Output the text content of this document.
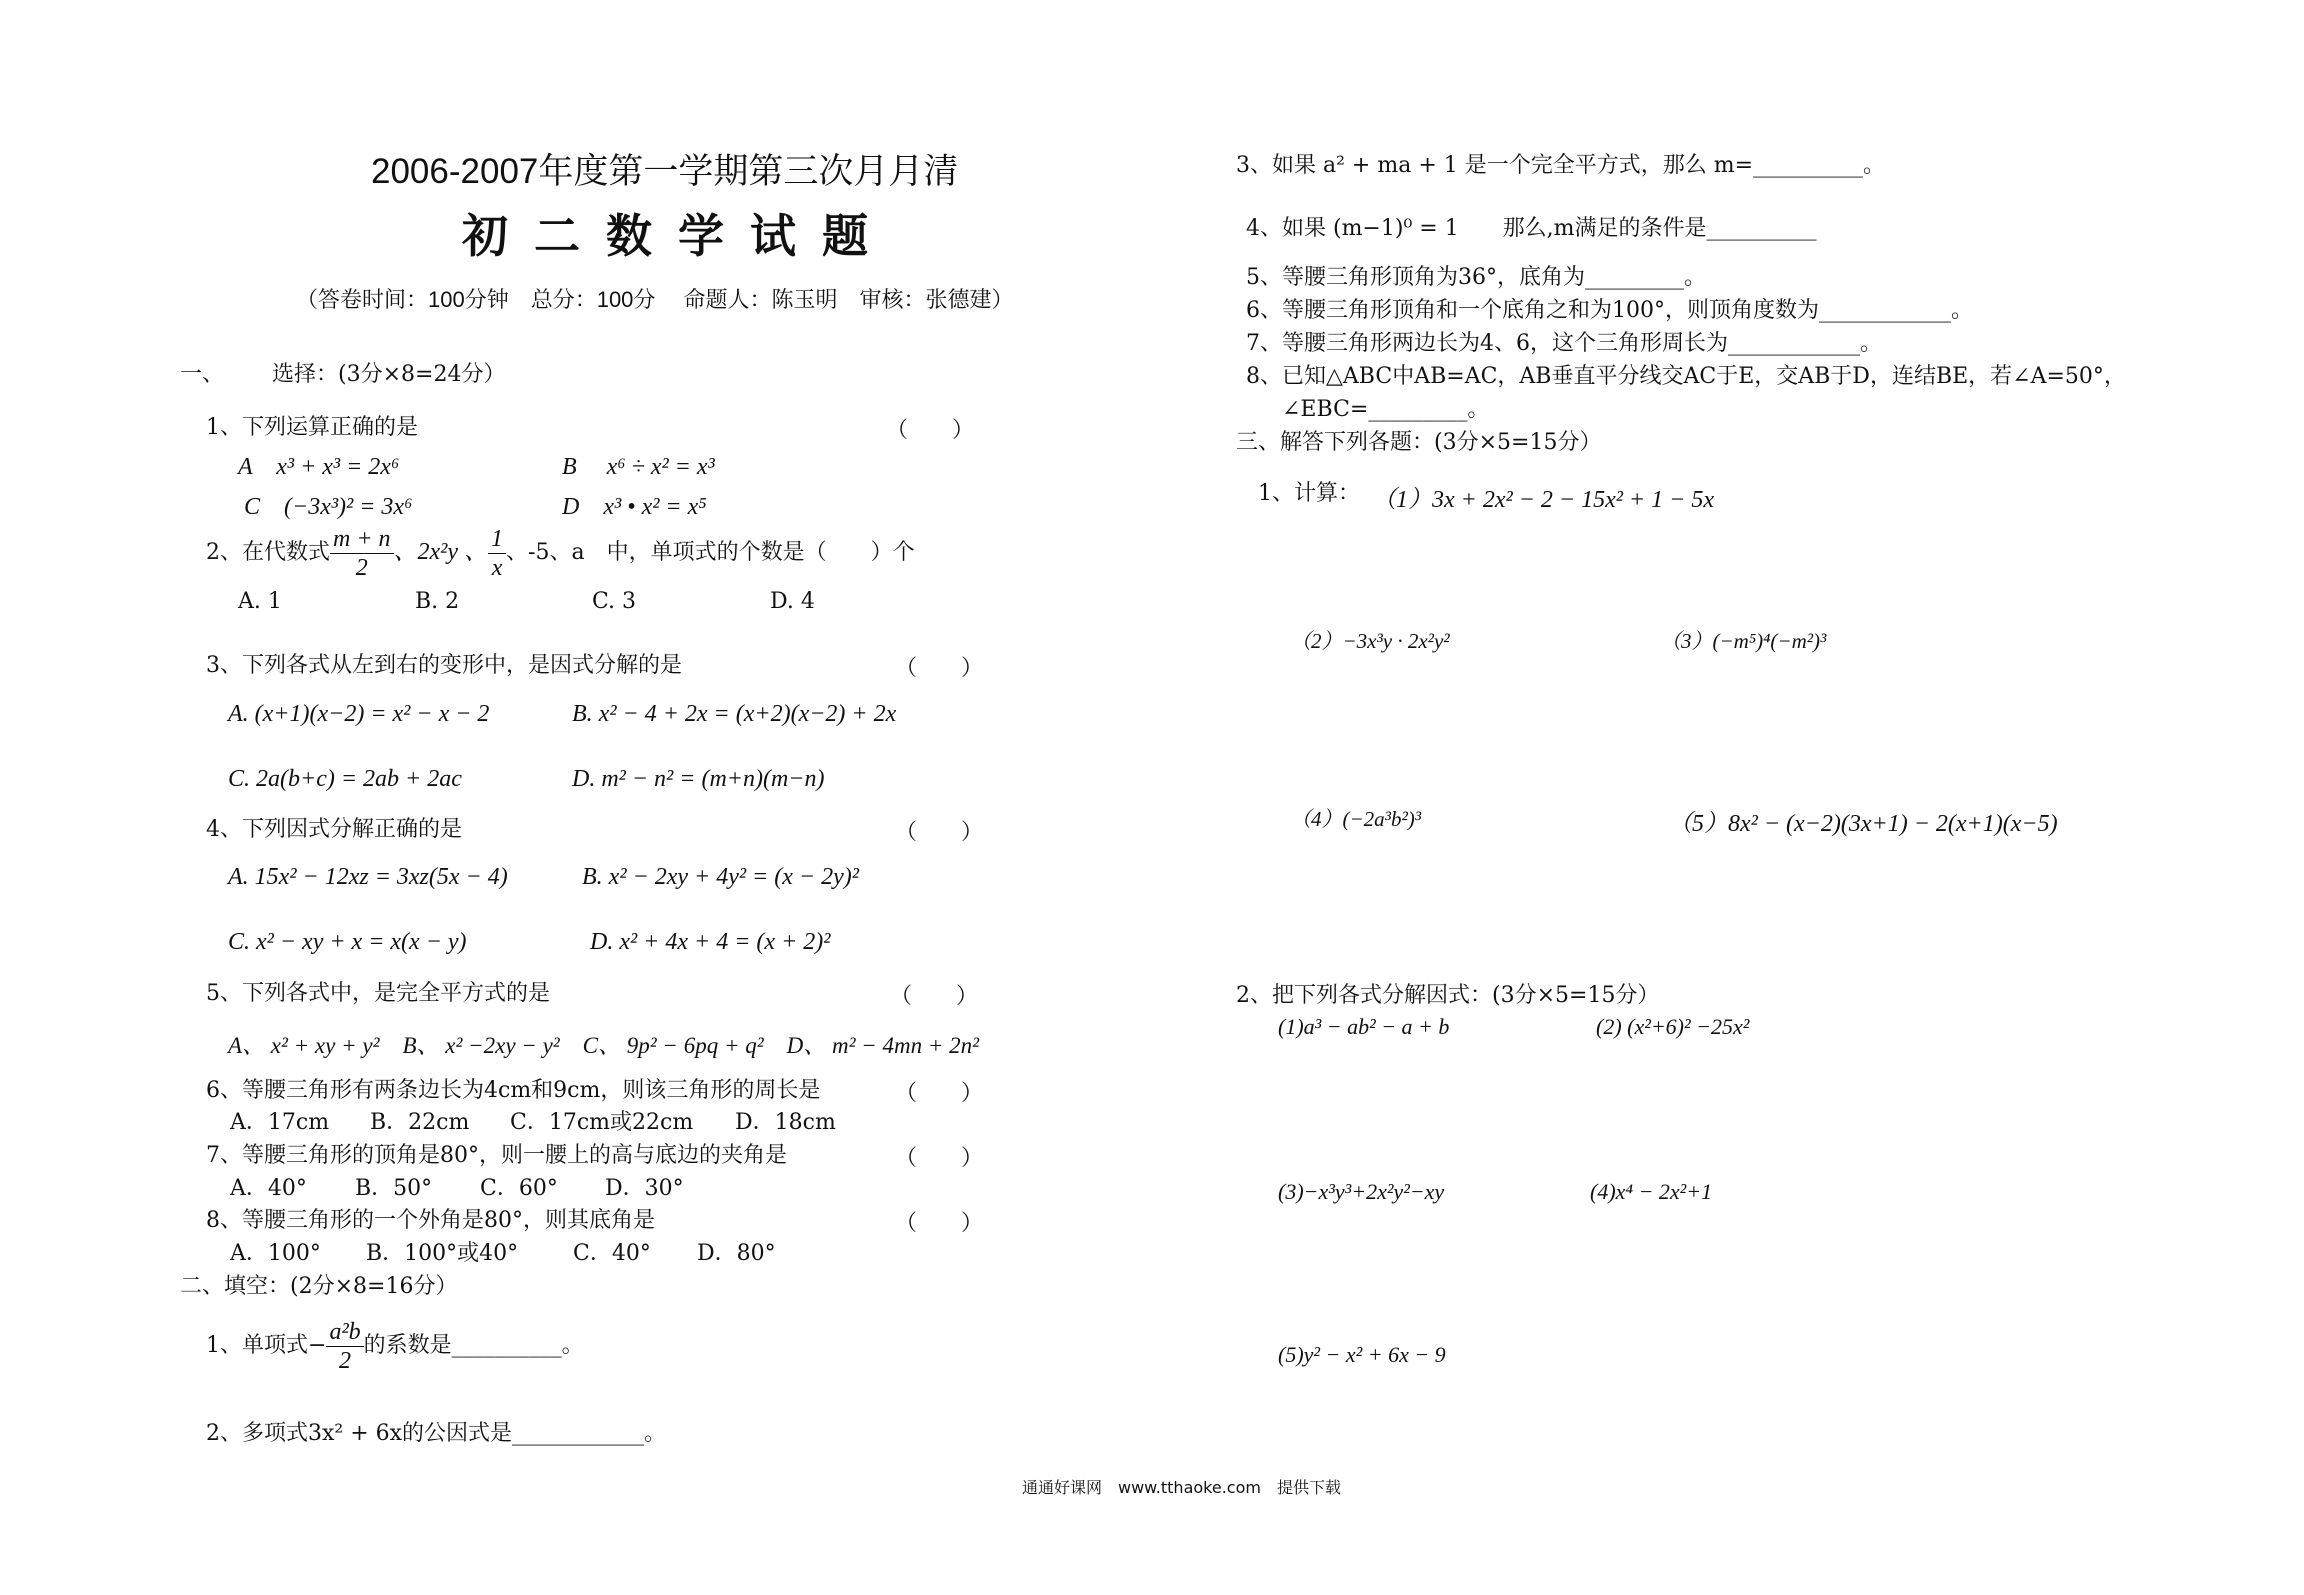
2006-2007年度第一学期第三次月月清
初二数学试题
（答卷时间：100分钟　总分：100分　 命题人：陈玉明　审核：张德建）
一、 选择：(3分×8=24分）
1、下列运算正确的是	（　　）
A　x³ + x³ = 2x⁶	B　 x⁶ ÷ x² = x³
C　(−3x³)² = 3x⁶	D　x³ • x² = x⁵
2、在代数式 $\frac{m + n}{2}$ 、2x²y 、 $\frac{1}{x}$ 、-5、a　中，单项式的个数是（　　）个
A. 1	B. 2	C. 3	D. 4
3、下列各式从左到右的变形中，是因式分解的是	（　　）
A. (x+1)(x−2) = x² − x − 2	B. x² − 4 + 2x = (x+2)(x−2) + 2x
C. 2a(b+c) = 2ab + 2ac	D. m² − n² = (m+n)(m−n)
4、下列因式分解正确的是	（　　）
A. 15x² − 12xz = 3xz(5x − 4)	B. x² − 2xy + 4y² = (x − 2y)²
C. x² − xy + x = x(x − y)	D. x² + 4x + 4 = (x + 2)²
5、下列各式中，是完全平方式的是	（　　）
A、 x² + xy + y²　B、 x² −2xy − y²　C、 9p² − 6pq + q²　D、 m² − 4mn + 2n²
6、等腰三角形有两条边长为4cm和9cm，则该三角形的周长是	（　　）
A．17cm B．22cm C．17cm或22cm D．18cm
7、等腰三角形的顶角是80°，则一腰上的高与底边的夹角是	（　　）
A．40° B．50° C．60° D．30°
8、等腰三角形的一个外角是80°，则其底角是	（　　）
A．100° B．100°或40° C．40° D．80°
二、填空：(2分×8=16分）
1、单项式− $\frac{\text{a²b}}{2}$ 的系数是__________。
2、多项式3x² + 6x的公因式是____________。
3、如果 a² + ma + 1 是一个完全平方式，那么 m=__________。
4、如果 (m−1)⁰ = 1　　那么,m满足的条件是__________
5、等腰三角形顶角为36°，底角为_________。
6、等腰三角形顶角和一个底角之和为100°，则顶角度数为____________。
7、等腰三角形两边长为4、6，这个三角形周长为____________。
8、已知△ABC中AB=AC，AB垂直平分线交AC于E，交AB于D，连结BE，若∠A=50°，
∠EBC=_________。
三、解答下列各题：(3分×5=15分）
1、计算： （1）3x + 2x² − 2 − 15x² + 1 − 5x
（2）−3x³y · 2x²y²	（3）(−m⁵)⁴(−m²)³
（4）(−2a³b²)³	（5）8x² − (x−2)(3x+1) − 2(x+1)(x−5)
2、把下列各式分解因式：(3分×5=15分）
(1)a³ − ab² − a + b	(2) (x²+6)² −25x²
(3)−x³y³+2x²y²−xy	(4)x⁴ − 2x²+1
(5)y² − x² + 6x − 9
通通好课网　www.tthaoke.com　提供下载
